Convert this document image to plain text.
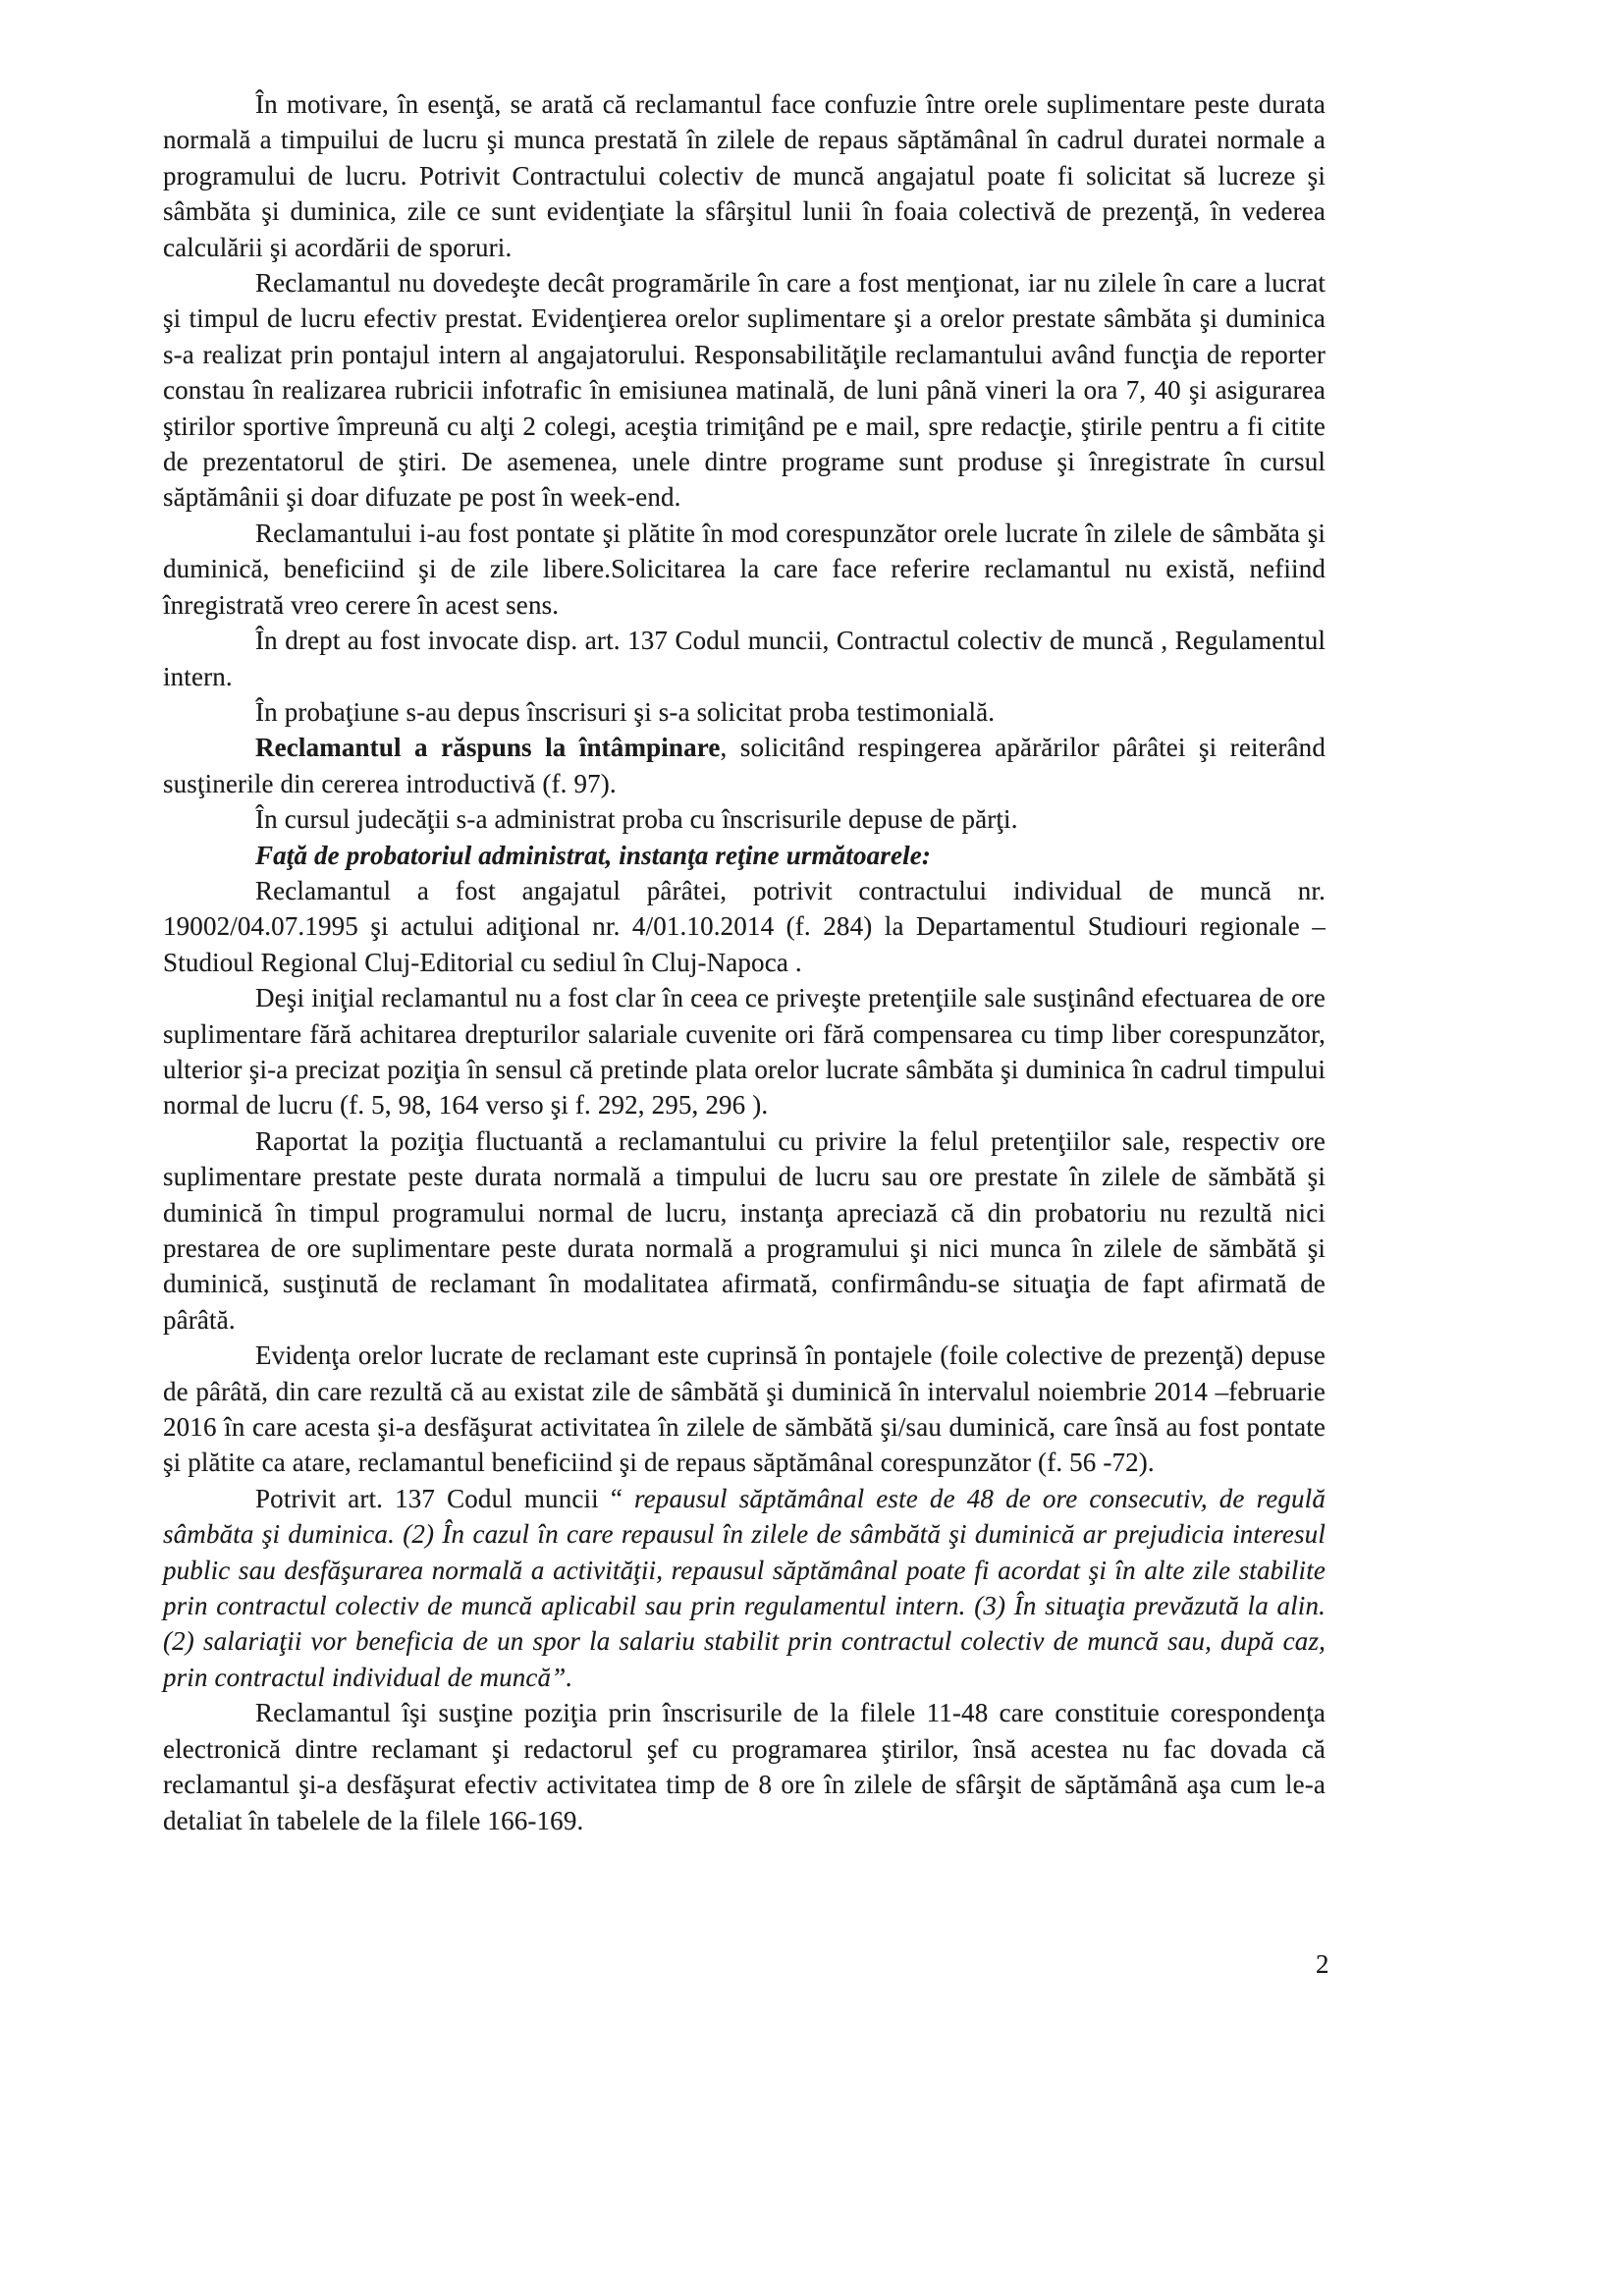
În motivare, în esenţă, se arată că reclamantul face confuzie între orele suplimentare peste durata normală a timpuilui de lucru şi munca prestată în zilele de repaus săptămânal în cadrul duratei normale a programului de lucru. Potrivit Contractului colectiv de muncă angajatul poate fi solicitat să lucreze şi sâmbăta şi duminica, zile ce sunt evidenţiate la sfârşitul lunii în foaia colectivă de prezenţă, în vederea calculării şi acordării de sporuri.

Reclamantul nu dovedeşte decât programările în care a fost menţionat, iar nu zilele în care a lucrat şi timpul de lucru efectiv prestat. Evidenţierea orelor suplimentare şi a orelor prestate sâmbăta şi duminica s-a realizat prin pontajul intern al angajatorului. Responsabilităţile reclamantului având funcţia de reporter constau în realizarea rubricii infotrafic în emisiunea matinală, de luni până vineri la ora 7, 40 şi asigurarea ştirilor sportive împreună cu alţi 2 colegi, aceştia trimiţând pe e mail, spre redacţie, ştirile pentru a fi citite de prezentatorul de ştiri. De asemenea, unele dintre programe sunt produse şi înregistrate în cursul săptămânii şi doar difuzate pe post în week-end.

Reclamantului i-au fost pontate şi plătite în mod corespunzător orele lucrate în zilele de sâmbăta şi duminică, beneficiind şi de zile libere.Solicitarea la care face referire reclamantul nu există, nefiind înregistrată vreo cerere în acest sens.

În drept au fost invocate disp. art. 137 Codul muncii, Contractul colectiv de muncă , Regulamentul intern.

În probaţiune s-au depus înscrisuri şi s-a solicitat proba testimonială.

Reclamantul a răspuns la întâmpinare, solicitând respingerea apărărilor pârâtei şi reiterând susţinerile din cererea introductivă (f. 97).

În cursul judecăţii s-a administrat proba cu înscrisurile depuse de părţi.

Faţă de probatoriul administrat, instanţa reţine următoarele:

Reclamantul a fost angajatul pârâtei, potrivit contractului individual de muncă nr. 19002/04.07.1995 şi actului adiţional nr. 4/01.10.2014 (f. 284) la Departamentul Studiouri regionale –Studioul Regional Cluj-Editorial cu sediul în Cluj-Napoca .

Deşi iniţial reclamantul nu a fost clar în ceea ce priveşte pretenţiile sale susţinând efectuarea de ore suplimentare fără achitarea drepturilor salariale cuvenite ori fără compensarea cu timp liber corespunzător, ulterior şi-a precizat poziţia în sensul că pretinde plata orelor lucrate sâmbăta şi duminica în cadrul timpului normal de lucru (f. 5, 98, 164 verso şi f. 292, 295, 296 ).

Raportat la poziţia fluctuantă a reclamantului cu privire la felul pretenţiilor sale, respectiv ore suplimentare prestate peste durata normală a timpului de lucru sau ore prestate în zilele de sămbătă şi duminică în timpul programului normal de lucru, instanţa apreciază că din probatoriu nu rezultă nici prestarea de ore suplimentare peste durata normală a programului şi nici munca în zilele de sămbătă şi duminică, susţinută de reclamant în modalitatea afirmată, confirmându-se situaţia de fapt afirmată de pârâtă.

Evidenţa orelor lucrate de reclamant este cuprinsă în pontajele (foile colective de prezenţă) depuse de pârâtă, din care rezultă că au existat zile de sâmbătă şi duminică în intervalul noiembrie 2014 –februarie 2016 în care acesta şi-a desfăşurat activitatea în zilele de sămbătă şi/sau duminică, care însă au fost pontate şi plătite ca atare, reclamantul beneficiind şi de repaus săptămânal corespunzător (f. 56 -72).

Potrivit art. 137 Codul muncii “ repausul săptămânal este de 48 de ore consecutiv, de regulă sâmbăta şi duminica. (2) În cazul în care repausul în zilele de sâmbătă şi duminică ar prejudicia interesul public sau desfăşurarea normală a activităţii, repausul săptămânal poate fi acordat şi în alte zile stabilite prin contractul colectiv de muncă aplicabil sau prin regulamentul intern. (3) În situaţia prevăzută la alin. (2) salariaţii vor beneficia de un spor la salariu stabilit prin contractul colectiv de muncă sau, după caz, prin contractul individual de muncă”.

Reclamantul îşi susţine poziţia prin înscrisurile de la filele 11-48 care constituie corespondenţa electronică dintre reclamant şi redactorul şef cu programarea ştirilor, însă acestea nu fac dovada că reclamantul şi-a desfăşurat efectiv activitatea timp de 8 ore în zilele de sfârşit de săptămână aşa cum le-a detaliat în tabelele de la filele 166-169.

2
